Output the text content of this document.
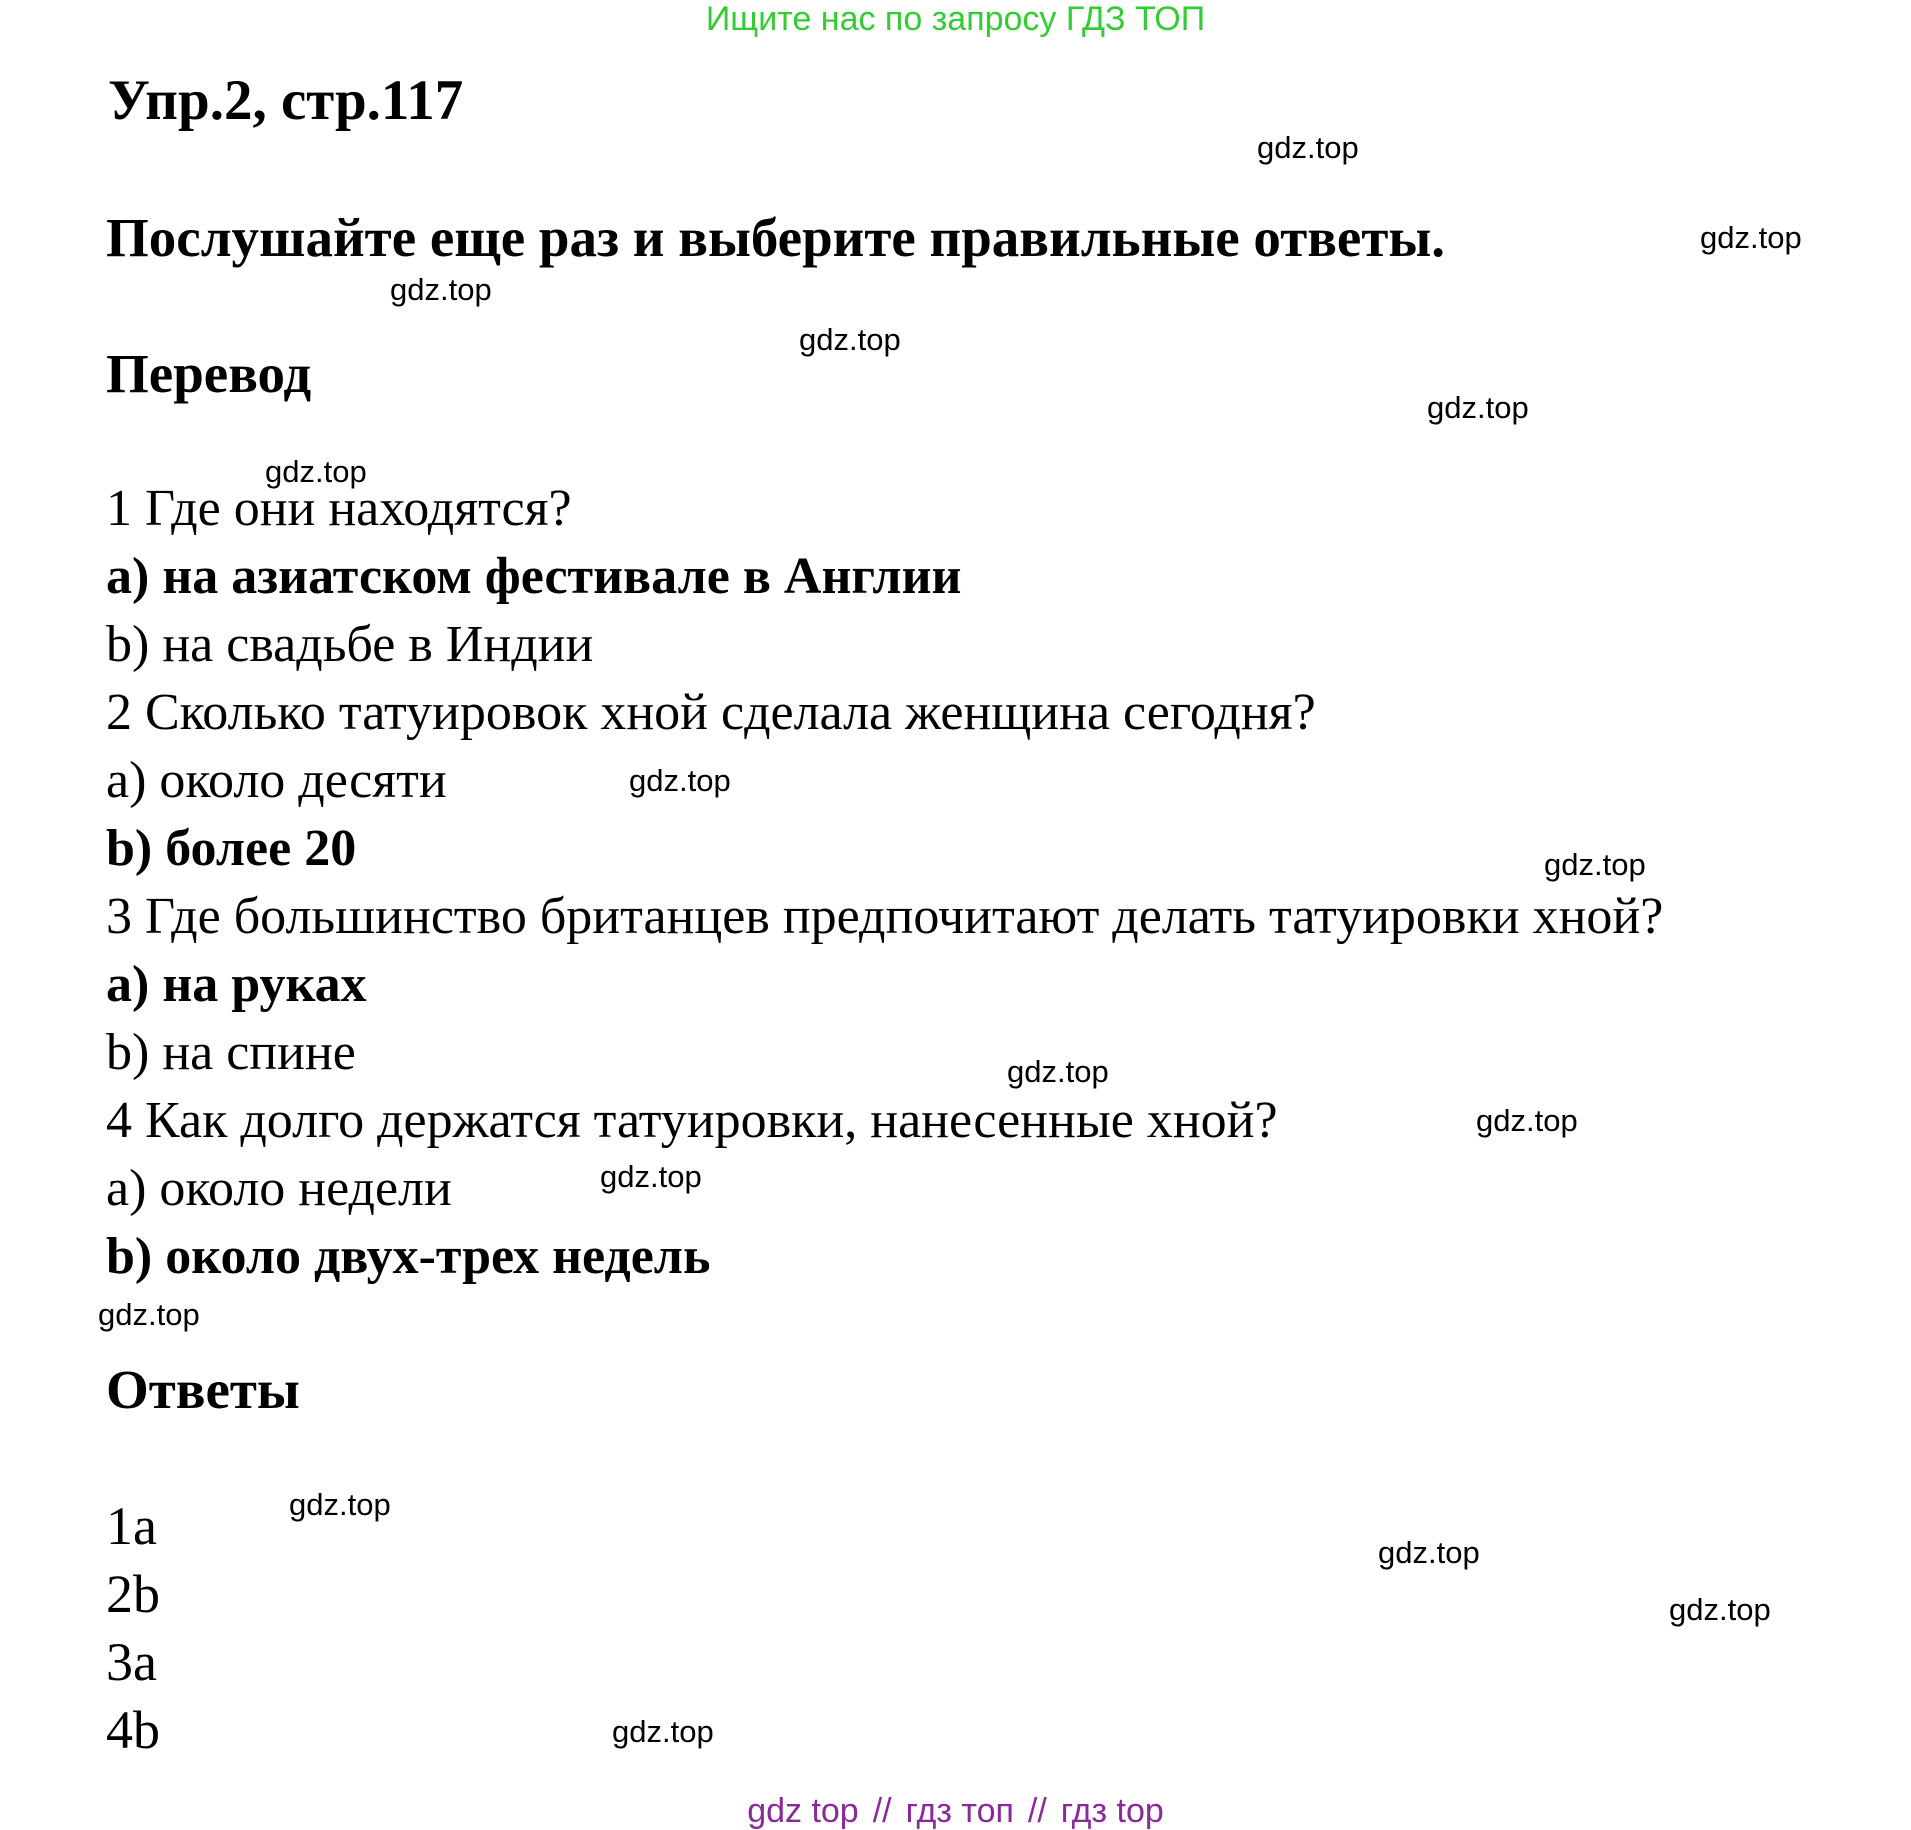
Ищите нас по запросу ГДЗ ТОП
Упр.2, стр.117
Послушайте еще раз и выберите правильные ответы.
Перевод
1 Где они находятся?
a) на азиатском фестивале в Англии
b) на свадьбе в Индии
2 Сколько татуировок хной сделала женщина сегодня?
a) около десяти
b) более 20
3 Где большинство британцев предпочитают делать татуировки хной?
a) на руках
b) на спине
4 Как долго держатся татуировки, нанесенные хной?
a) около недели
b) около двух-трех недель
Ответы
1a
2b
3a
4b
gdz.top
gdz.top
gdz.top
gdz.top
gdz.top
gdz.top
gdz.top
gdz.top
gdz.top
gdz.top
gdz.top
gdz.top
gdz.top
gdz.top
gdz.top
gdz.top
gdz top // гдз топ // гдз top
